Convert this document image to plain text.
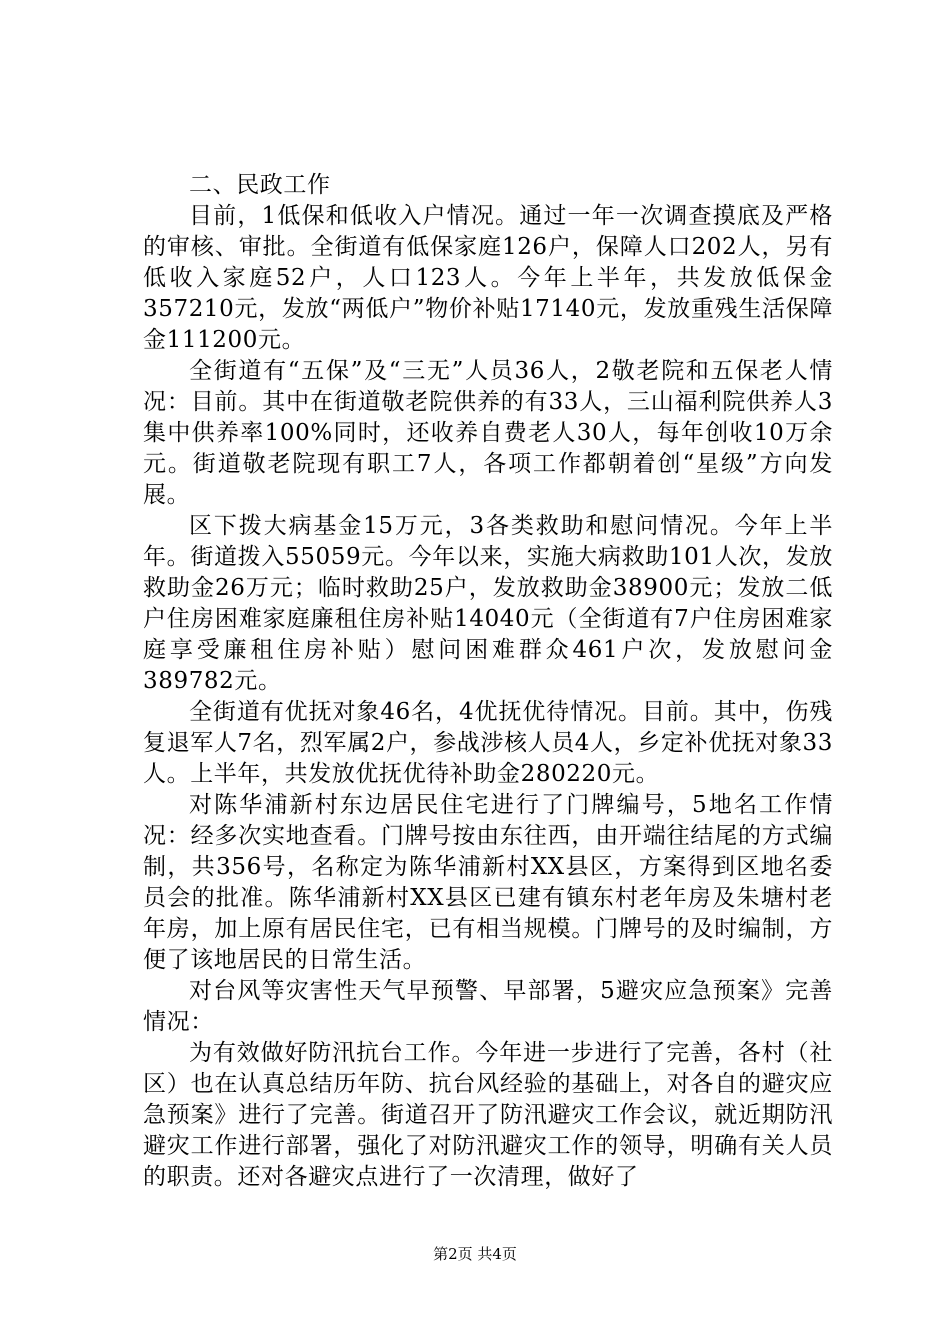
二、民政工作

目前，1低保和低收入户情况。通过一年一次调查摸底及严格的审核、审批。全街道有低保家庭126户，保障人口202人，另有低收入家庭52户，人口123人。今年上半年，共发放低保金357210元，发放“两低户”物价补贴17140元，发放重残生活保障金111200元。

全街道有“五保”及“三无”人员36人，2敬老院和五保老人情况：目前。其中在街道敬老院供养的有33人，三山福利院供养人3集中供养率100%同时，还收养自费老人30人，每年创收10万余元。街道敬老院现有职工7人，各项工作都朝着创“星级”方向发展。

区下拨大病基金15万元，3各类救助和慰问情况。今年上半年。街道拨入55059元。今年以来，实施大病救助101人次，发放救助金26万元；临时救助25户，发放救助金38900元；发放二低户住房困难家庭廉租住房补贴14040元（全街道有7户住房困难家庭享受廉租住房补贴）慰问困难群众461户次，发放慰问金389782元。

全街道有优抚对象46名，4优抚优待情况。目前。其中，伤残复退军人7名，烈军属2户，参战涉核人员4人，乡定补优抚对象33人。上半年，共发放优抚优待补助金280220元。

对陈华浦新村东边居民住宅进行了门牌编号，5地名工作情况：经多次实地查看。门牌号按由东往西，由开端往结尾的方式编制，共356号，名称定为陈华浦新村XX县区，方案得到区地名委员会的批准。陈华浦新村XX县区已建有镇东村老年房及朱塘村老年房，加上原有居民住宅，已有相当规模。门牌号的及时编制，方便了该地居民的日常生活。

对台风等灾害性天气早预警、早部署，5避灾应急预案》完善情况：

为有效做好防汛抗台工作。今年进一步进行了完善，各村（社区）也在认真总结历年防、抗台风经验的基础上，对各自的避灾应急预案》进行了完善。街道召开了防汛避灾工作会议，就近期防汛避灾工作进行部署，强化了对防汛避灾工作的领导，明确有关人员的职责。还对各避灾点进行了一次清理，做好了

第2页 共4页
